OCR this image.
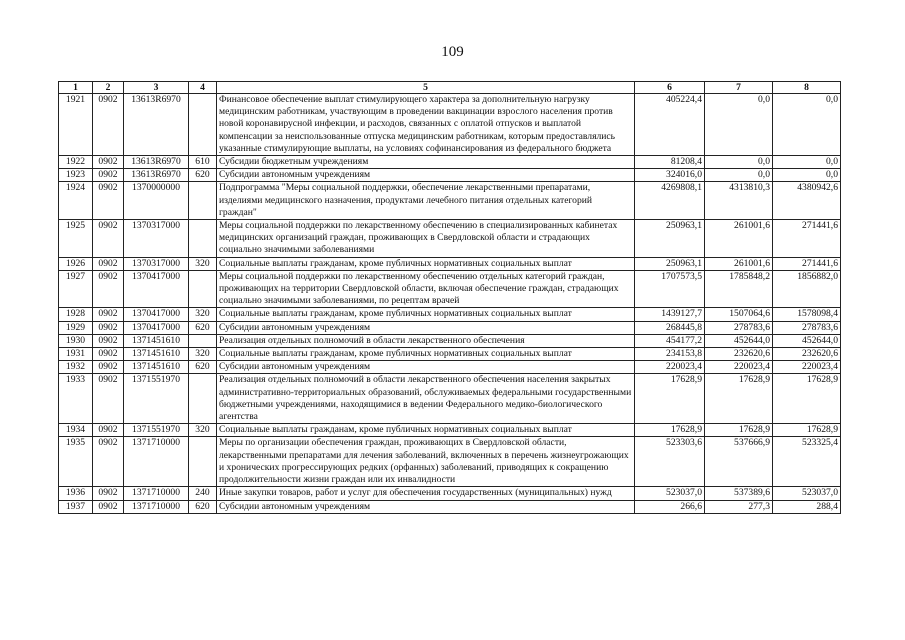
109
1	2	3	4	5	6	7	8
1921	0902	13613R6970		Финансовое обеспечение выплат стимулирующего характера за дополнительную нагрузку медицинским работникам, участвующим в проведении вакцинации взрослого населения против новой коронавирусной инфекции, и расходов, связанных с оплатой отпусков и выплатой компенсации за неиспользованные отпуска медицинским работникам, которым предоставлялись указанные стимулирующие выплаты, на условиях софинансирования из федерального бюджета	405224,4	0,0	0,0
1922	0902	13613R6970	610	Субсидии бюджетным учреждениям	81208,4	0,0	0,0
1923	0902	13613R6970	620	Субсидии автономным учреждениям	324016,0	0,0	0,0
1924	0902	1370000000		Подпрограмма "Меры социальной поддержки, обеспечение лекарственными препаратами, изделиями медицинского назначения, продуктами лечебного питания отдельных категорий граждан"	4269808,1	4313810,3	4380942,6
1925	0902	1370317000		Меры социальной поддержки по лекарственному обеспечению в специализированных кабинетах медицинских организаций граждан, проживающих в Свердловской области и страдающих социально значимыми заболеваниями	250963,1	261001,6	271441,6
1926	0902	1370317000	320	Социальные выплаты гражданам, кроме публичных нормативных социальных выплат	250963,1	261001,6	271441,6
1927	0902	1370417000		Меры социальной поддержки по лекарственному обеспечению отдельных категорий граждан, проживающих на территории Свердловской области, включая обеспечение граждан, страдающих социально значимыми заболеваниями, по рецептам врачей	1707573,5	1785848,2	1856882,0
1928	0902	1370417000	320	Социальные выплаты гражданам, кроме публичных нормативных социальных выплат	1439127,7	1507064,6	1578098,4
1929	0902	1370417000	620	Субсидии автономным учреждениям	268445,8	278783,6	278783,6
1930	0902	1371451610		Реализация отдельных полномочий в области лекарственного обеспечения	454177,2	452644,0	452644,0
1931	0902	1371451610	320	Социальные выплаты гражданам, кроме публичных нормативных социальных выплат	234153,8	232620,6	232620,6
1932	0902	1371451610	620	Субсидии автономным учреждениям	220023,4	220023,4	220023,4
1933	0902	1371551970		Реализация отдельных полномочий в области лекарственного обеспечения населения закрытых административно-территориальных образований, обслуживаемых федеральными государственными бюджетными учреждениями, находящимися в ведении Федерального медико-биологического агентства	17628,9	17628,9	17628,9
1934	0902	1371551970	320	Социальные выплаты гражданам, кроме публичных нормативных социальных выплат	17628,9	17628,9	17628,9
1935	0902	1371710000		Меры по организации обеспечения граждан, проживающих в Свердловской области, лекарственными препаратами для лечения заболеваний, включенных в перечень жизнеугрожающих и хронических прогрессирующих редких (орфанных) заболеваний, приводящих к сокращению продолжительности жизни граждан или их инвалидности	523303,6	537666,9	523325,4
1936	0902	1371710000	240	Иные закупки товаров, работ и услуг для обеспечения государственных (муниципальных) нужд	523037,0	537389,6	523037,0
1937	0902	1371710000	620	Субсидии автономным учреждениям	266,6	277,3	288,4
